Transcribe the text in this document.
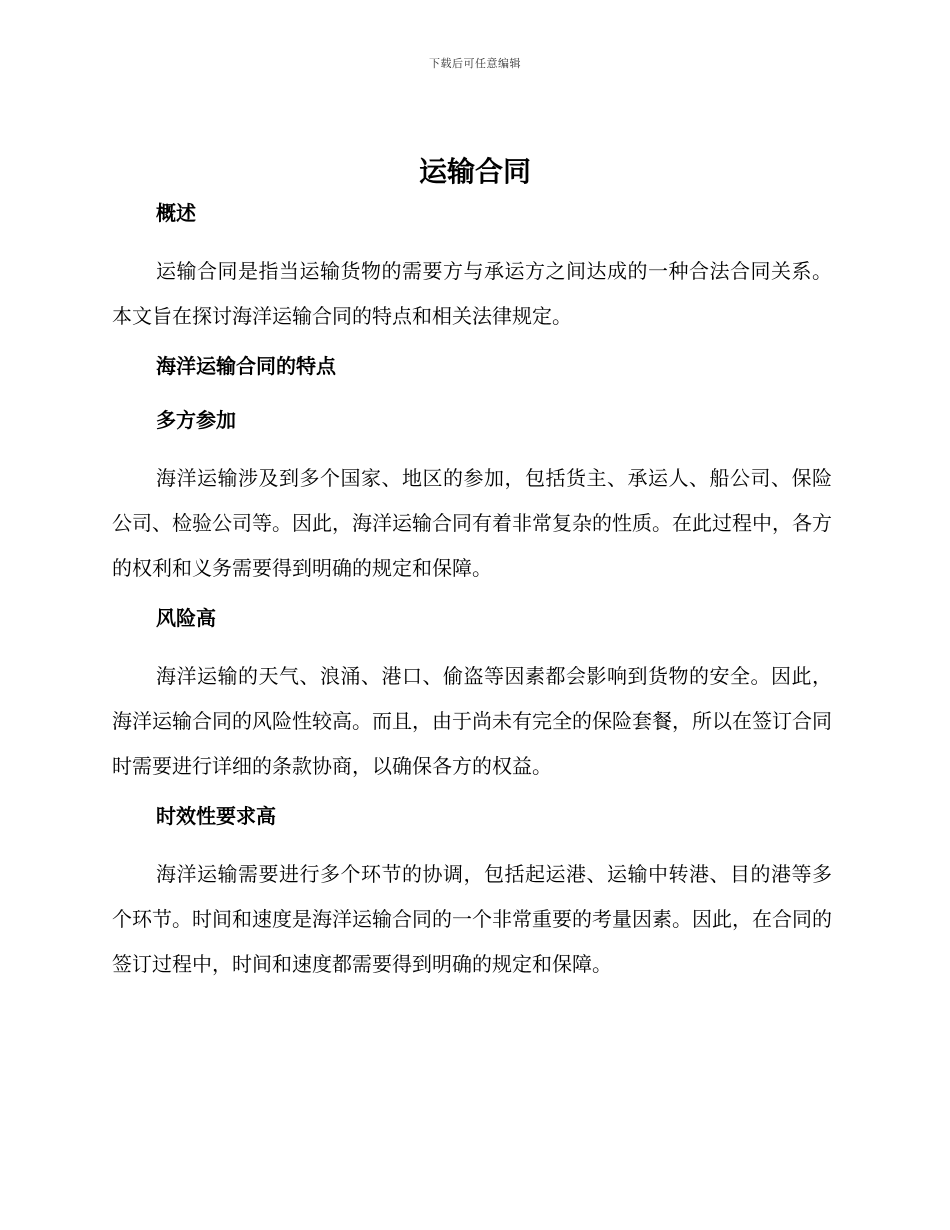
下载后可任意编辑
运输合同
概述

运输合同是指当运输货物的需要方与承运方之间达成的一种合法合同关系。本文旨在探讨海洋运输合同的特点和相关法律规定。

海洋运输合同的特点
多方参加

海洋运输涉及到多个国家、地区的参加，包括货主、承运人、船公司、保险公司、检验公司等。因此，海洋运输合同有着非常复杂的性质。在此过程中，各方的权利和义务需要得到明确的规定和保障。

风险高

海洋运输的天气、浪涌、港口、偷盗等因素都会影响到货物的安全。因此，海洋运输合同的风险性较高。而且，由于尚未有完全的保险套餐，所以在签订合同时需要进行详细的条款协商，以确保各方的权益。

时效性要求高

海洋运输需要进行多个环节的协调，包括起运港、运输中转港、目的港等多个环节。时间和速度是海洋运输合同的一个非常重要的考量因素。因此，在合同的签订过程中，时间和速度都需要得到明确的规定和保障。
